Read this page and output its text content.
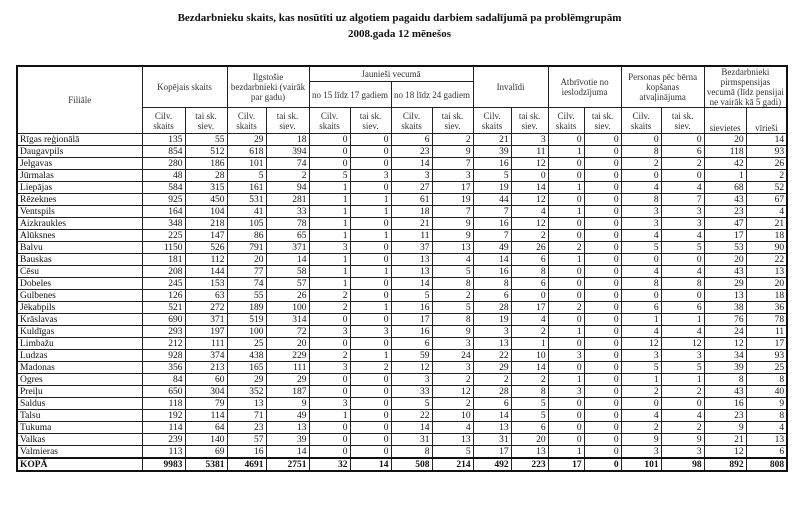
Bezdarbnieku skaits, kas nosūtīti uz algotiem pagaidu darbiem sadalījumā pa problēmgrupām
2008.gada 12 mēnešos
Filiāle	Kopējais skaits		Ilgstošie bezdarbnieki (vairāk par gadu)		Jaunieši vecumā				Invalīdi		Atbrīvotie no ieslodzījuma		Personas pēc bērna kopšanas atvaļinājuma		Bezdarbnieki pirmspensijas vecumā (līdz pensijai ne vairāk kā 5 gadi)	
					no 15 līdz 17 gadiem		no 18 līdz 24 gadiem									
	Cilv. skaits	tai sk. siev.	Cilv. skaits	tai sk. siev.	Cilv. skaits	tai sk. siev.	Cilv. skaits	tai sk. siev.	Cilv. skaits	tai sk. siev.	Cilv. skaits	tai sk. siev.	Cilv. skaits	tai sk. siev.	sievietes	vīrieši
Rīgas reģionālā	135	55	29	18	0	0	6	2	21	3	0	0	0	0	20	14
Daugavpils	854	512	618	394	0	0	23	9	39	11	1	0	8	6	118	93
Jelgavas	280	186	101	74	0	0	14	7	16	12	0	0	2	2	42	26
Jūrmalas	48	28	5	2	5	3	3	3	5	0	0	0	0	0	1	2
Liepājas	584	315	161	94	1	0	27	17	19	14	1	0	4	4	68	52
Rēzeknes	925	450	531	281	1	1	61	19	44	12	0	0	8	7	43	67
Ventspils	164	104	41	33	1	1	18	7	7	4	1	0	3	3	23	4
Aizkraukles	348	218	105	78	1	0	21	9	16	12	0	0	3	3	47	21
Alūksnes	225	147	86	65	1	1	11	9	7	2	0	0	4	4	17	18
Balvu	1150	526	791	371	3	0	37	13	49	26	2	0	5	5	53	90
Bauskas	181	112	20	14	1	0	13	4	14	6	1	0	0	0	20	22
Cēsu	208	144	77	58	1	1	13	5	16	8	0	0	4	4	43	13
Dobeles	245	153	74	57	1	0	14	8	8	6	0	0	8	8	29	20
Gulbenes	126	63	55	26	2	0	5	2	6	0	0	0	0	0	13	18
Jēkabpils	521	272	189	100	2	1	16	5	28	17	2	0	6	6	38	36
Krāslavas	690	371	519	314	0	0	17	8	19	4	0	0	1	1	76	78
Kuldīgas	293	197	100	72	3	3	16	9	3	2	1	0	4	4	24	11
Limbažu	212	111	25	20	0	0	6	3	13	1	0	0	12	12	12	17
Ludzas	928	374	438	229	2	1	59	24	22	10	3	0	3	3	34	93
Madonas	356	213	165	111	3	2	12	3	29	14	0	0	5	5	39	25
Ogres	84	60	29	29	0	0	3	2	2	2	1	0	1	1	8	8
Preiļu	650	304	352	187	0	0	33	12	28	8	3	0	2	2	43	40
Saldus	118	79	13	9	3	0	5	2	6	5	0	0	0	0	16	9
Talsu	192	114	71	49	1	0	22	10	14	5	0	0	4	4	23	8
Tukuma	114	64	23	13	0	0	14	4	13	6	0	0	2	2	9	4
Valkas	239	140	57	39	0	0	31	13	31	20	0	0	9	9	21	13
Valmieras	113	69	16	14	0	0	8	5	17	13	1	0	3	3	12	6
KOPĀ	9983	5381	4691	2751	32	14	508	214	492	223	17	0	101	98	892	808
